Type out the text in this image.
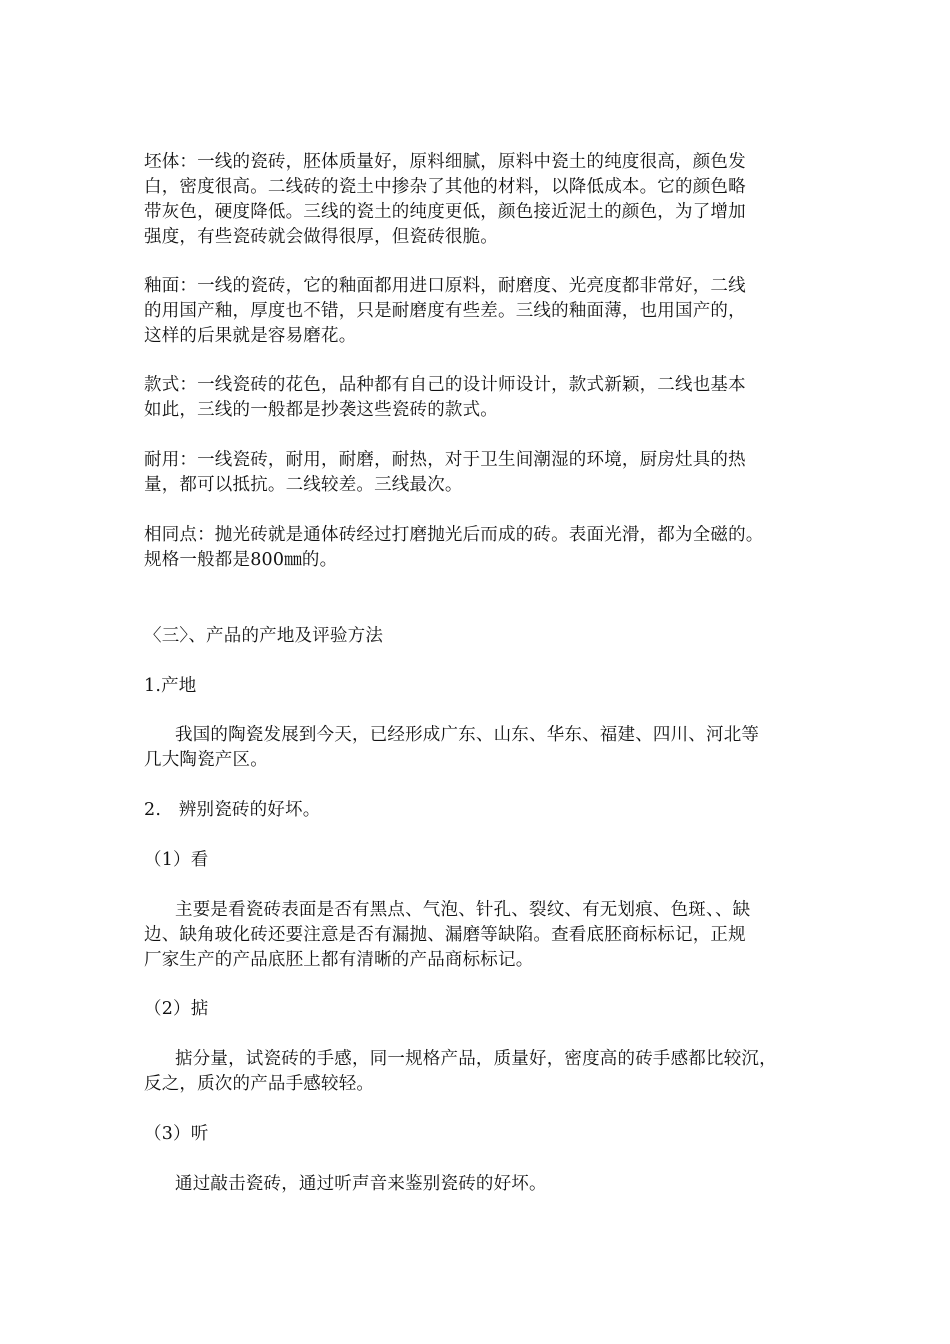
坯体：一线的瓷砖，胚体质量好，原料细腻，原料中瓷土的纯度很高，颜色发
白，密度很高。二线砖的瓷土中掺杂了其他的材料，以降低成本。它的颜色略
带灰色，硬度降低。三线的瓷土的纯度更低，颜色接近泥土的颜色，为了增加
强度，有些瓷砖就会做得很厚，但瓷砖很脆。
釉面：一线的瓷砖，它的釉面都用进口原料，耐磨度、光亮度都非常好，二线
的用国产釉，厚度也不错，只是耐磨度有些差。三线的釉面薄，也用国产的，
这样的后果就是容易磨花。
款式：一线瓷砖的花色，品种都有自己的设计师设计，款式新颖，二线也基本
如此，三线的一般都是抄袭这些瓷砖的款式。
耐用：一线瓷砖，耐用，耐磨，耐热，对于卫生间潮湿的环境，厨房灶具的热
量，都可以抵抗。二线较差。三线最次。
相同点：抛光砖就是通体砖经过打磨抛光后而成的砖。表面光滑，都为全磁的。
规格一般都是800㎜的。
〈三〉、产品的产地及评验方法
1.产地
我国的陶瓷发展到今天，已经形成广东、山东、华东、福建、四川、河北等
几大陶瓷产区。
2.　辨别瓷砖的好坏。
（1）看
主要是看瓷砖表面是否有黑点、气泡、针孔、裂纹、有无划痕、色斑、、缺
边、缺角玻化砖还要注意是否有漏抛、漏磨等缺陷。查看底胚商标标记，正规
厂家生产的产品底胚上都有清晰的产品商标标记。
（2）掂
掂分量，试瓷砖的手感，同一规格产品，质量好，密度高的砖手感都比较沉，
反之，质次的产品手感较轻。
（3）听
通过敲击瓷砖，通过听声音来鉴别瓷砖的好坏。
